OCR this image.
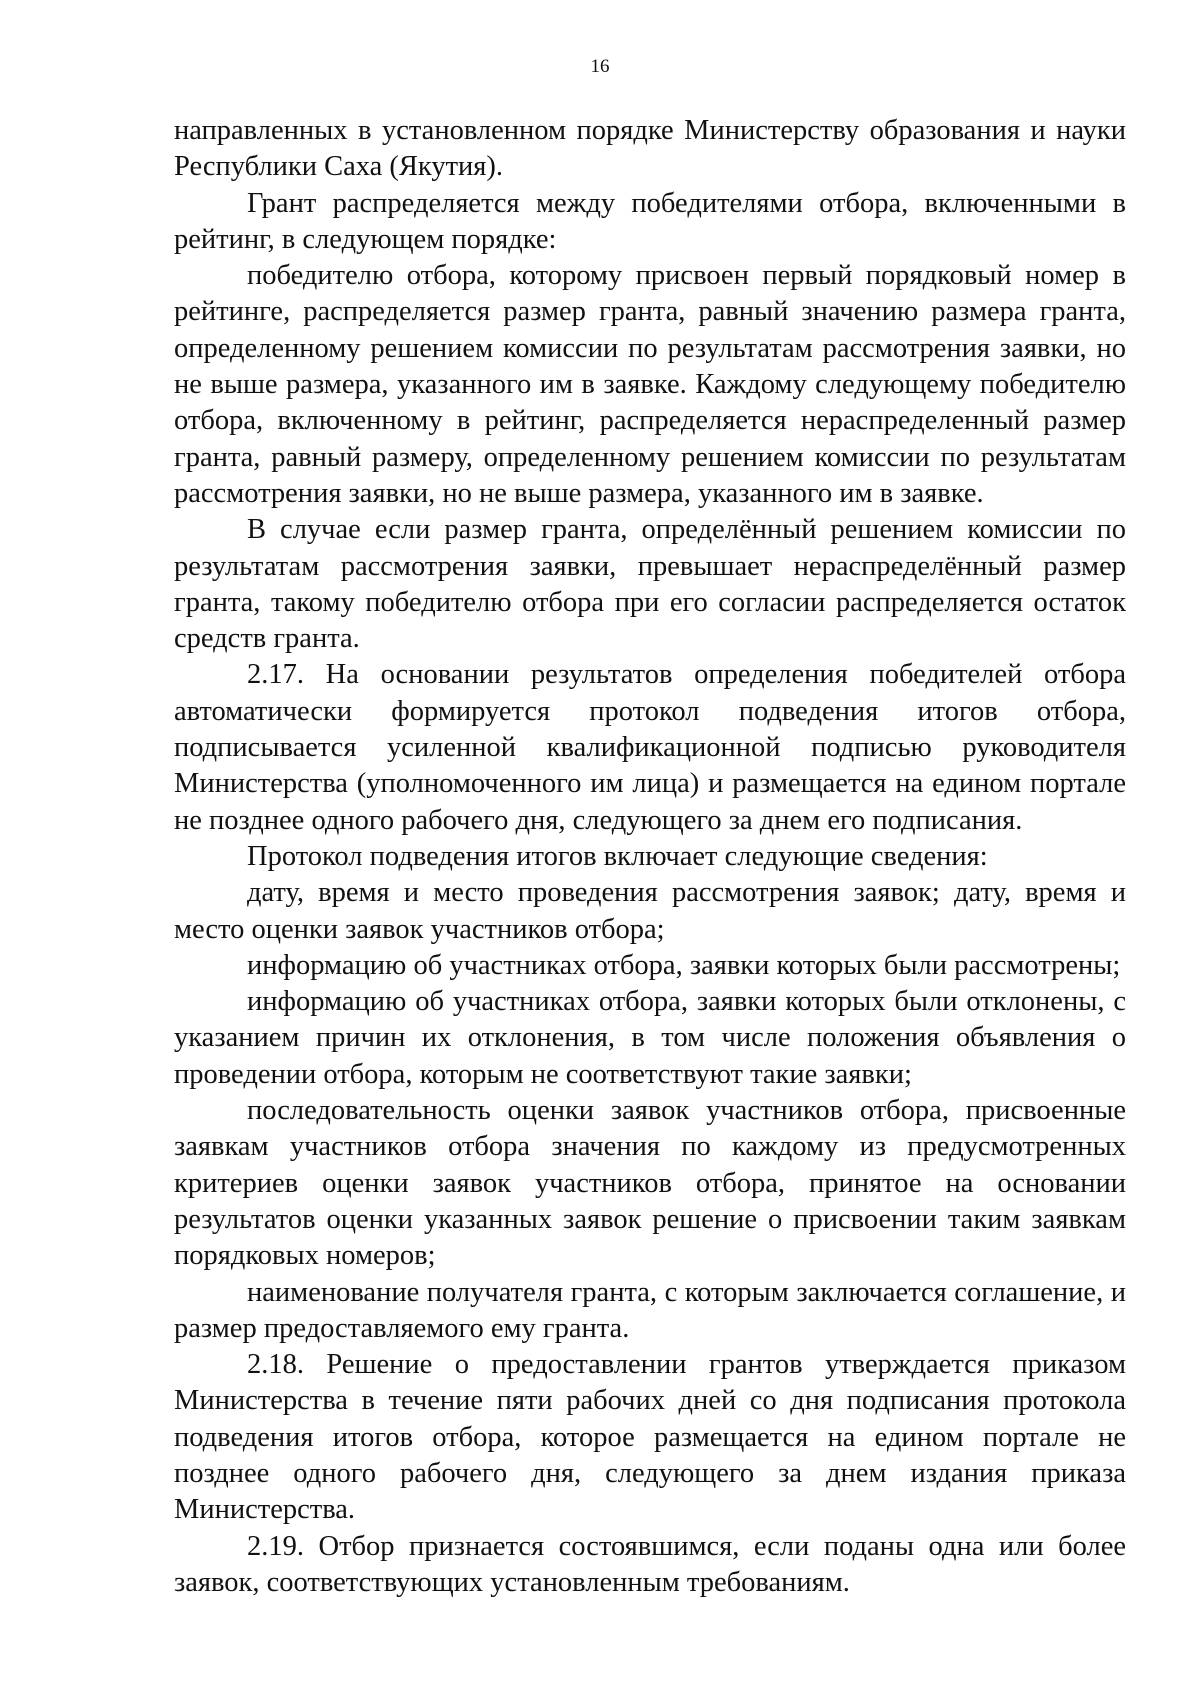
16

направленных в установленном порядке Министерству образования и науки Республики Саха (Якутия).

Грант распределяется между победителями отбора, включенными в рейтинг, в следующем порядке:

победителю отбора, которому присвоен первый порядковый номер в рейтинге, распределяется размер гранта, равный значению размера гранта, определенному решением комиссии по результатам рассмотрения заявки, но не выше размера, указанного им в заявке. Каждому следующему победителю отбора, включенному в рейтинг, распределяется нераспределенный размер гранта, равный размеру, определенному решением комиссии по результатам рассмотрения заявки, но не выше размера, указанного им в заявке.

В случае если размер гранта, определённый решением комиссии по результатам рассмотрения заявки, превышает нераспределённый размер гранта, такому победителю отбора при его согласии распределяется остаток средств гранта.

2.17. На основании результатов определения победителей отбора автоматически формируется протокол подведения итогов отбора, подписывается усиленной квалификационной подписью руководителя Министерства (уполномоченного им лица) и размещается на едином портале не позднее одного рабочего дня, следующего за днем его подписания.

Протокол подведения итогов включает следующие сведения:

дату, время и место проведения рассмотрения заявок; дату, время и место оценки заявок участников отбора;

информацию об участниках отбора, заявки которых были рассмотрены;

информацию об участниках отбора, заявки которых были отклонены, с указанием причин их отклонения, в том числе положения объявления о проведении отбора, которым не соответствуют такие заявки;

последовательность оценки заявок участников отбора, присвоенные заявкам участников отбора значения по каждому из предусмотренных критериев оценки заявок участников отбора, принятое на основании результатов оценки указанных заявок решение о присвоении таким заявкам порядковых номеров;

наименование получателя гранта, с которым заключается соглашение, и размер предоставляемого ему гранта.

2.18. Решение о предоставлении грантов утверждается приказом Министерства в течение пяти рабочих дней со дня подписания протокола подведения итогов отбора, которое размещается на едином портале не позднее одного рабочего дня, следующего за днем издания приказа Министерства.

2.19. Отбор признается состоявшимся, если поданы одна или более заявок, соответствующих установленным требованиям.
